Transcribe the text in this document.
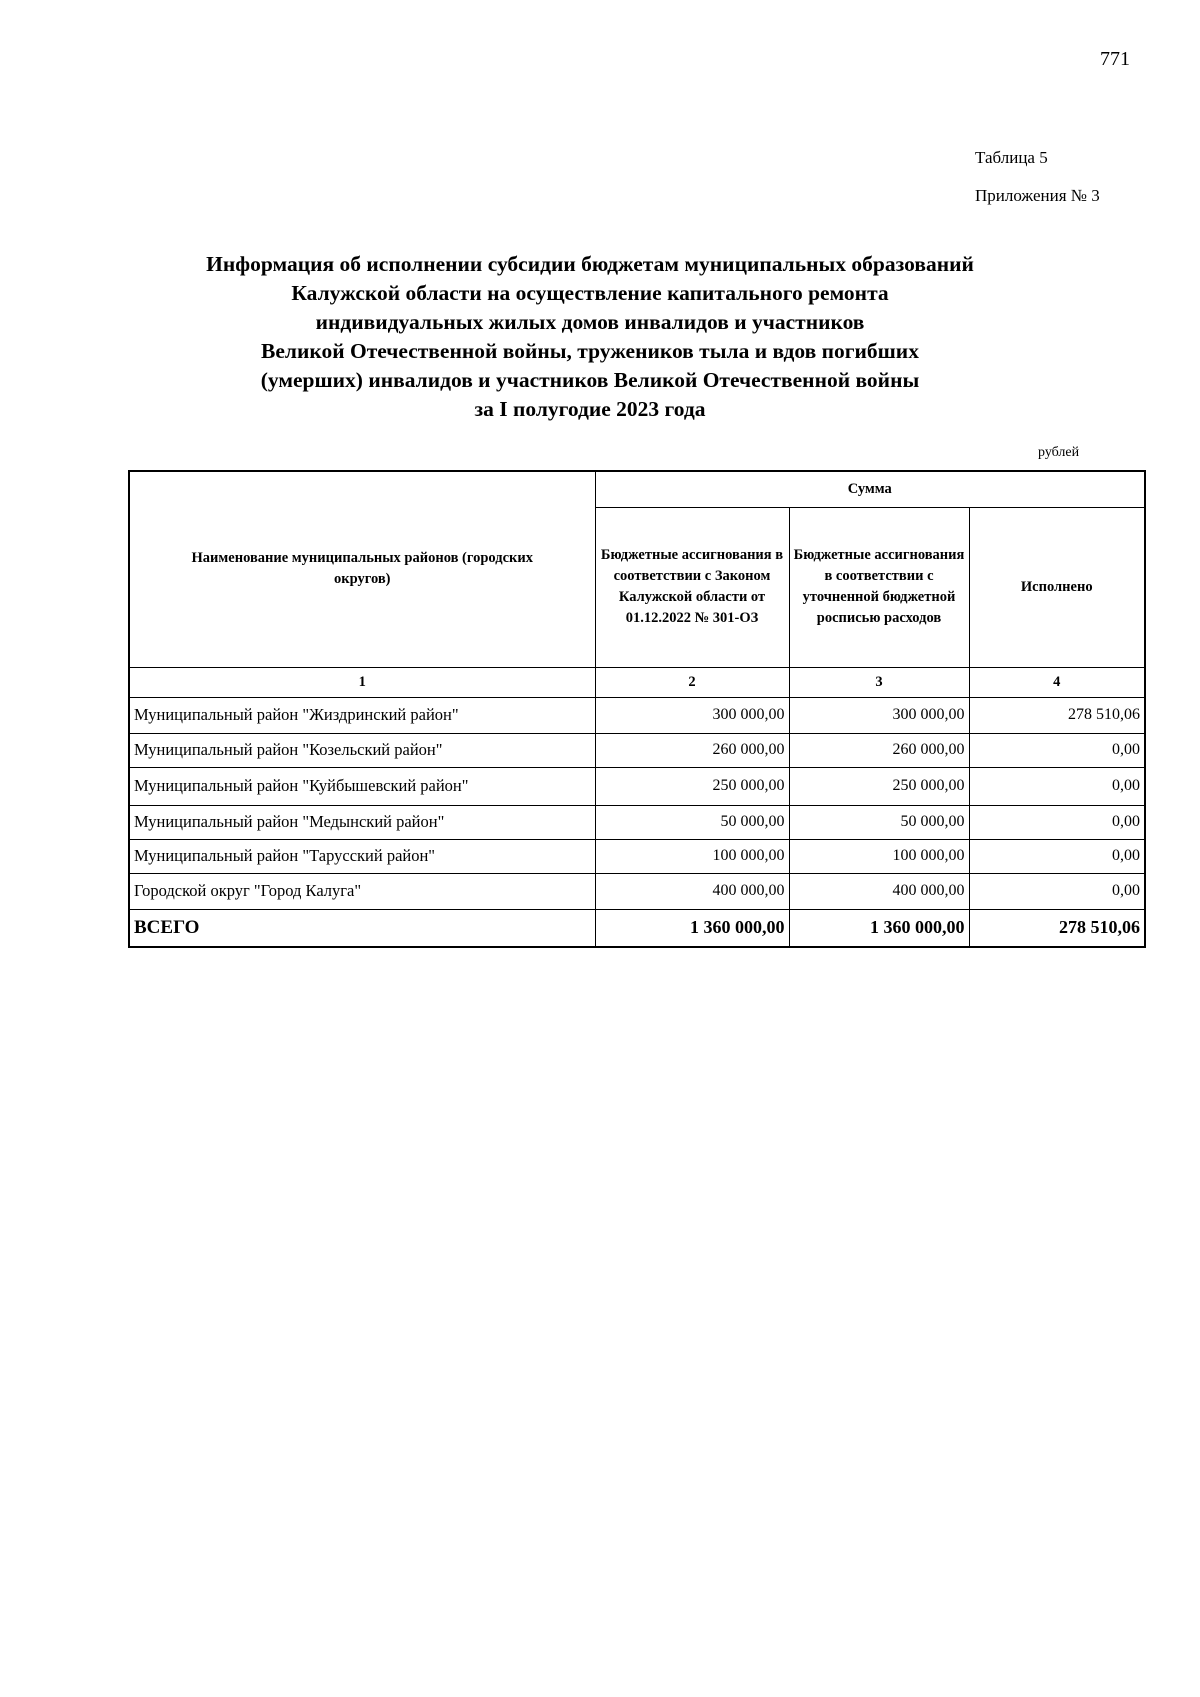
771
Таблица 5
Приложения № 3
Информация об исполнении субсидии бюджетам муниципальных образований
Калужской области на осуществление капитального ремонта
индивидуальных жилых домов инвалидов и участников
Великой Отечественной войны, тружеников тыла и вдов погибших
(умерших) инвалидов и участников Великой Отечественной войны
за I полугодие 2023 года
рублей
Наименование муниципальных районов (городских округов)	Сумма		
	Бюджетные ассигнования в соответствии с Законом Калужской области от 01.12.2022 № 301-ОЗ	Бюджетные ассигнования в соответствии с уточненной бюджетной росписью расходов	Исполнено
1	2	3	4
Муниципальный район "Жиздринский район"	300 000,00	300 000,00	278 510,06
Муниципальный район "Козельский район"	260 000,00	260 000,00	0,00
Муниципальный район "Куйбышевский район"	250 000,00	250 000,00	0,00
Муниципальный район "Медынский район"	50 000,00	50 000,00	0,00
Муниципальный район "Тарусский район"	100 000,00	100 000,00	0,00
Городской округ "Город Калуга"	400 000,00	400 000,00	0,00
ВСЕГО	1 360 000,00	1 360 000,00	278 510,06
